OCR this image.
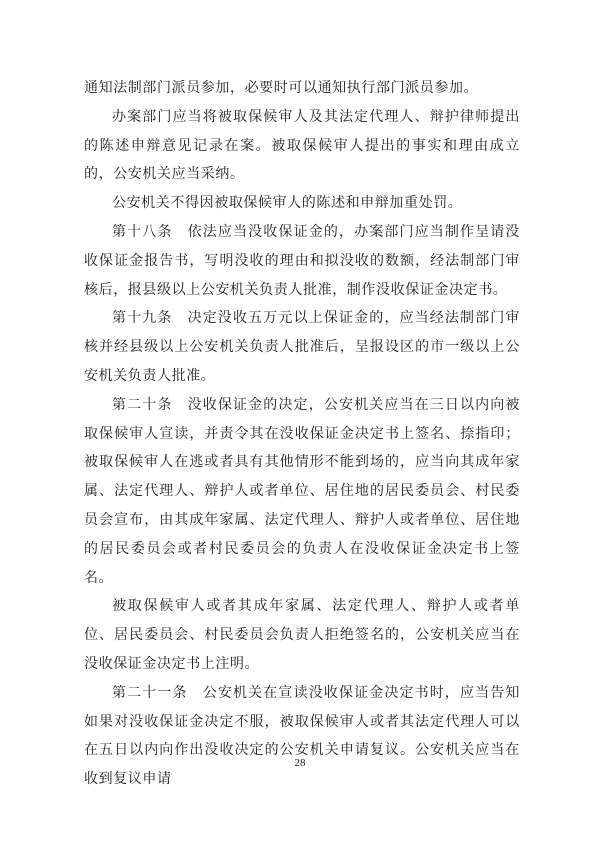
通知法制部门派员参加，必要时可以通知执行部门派员参加。

办案部门应当将被取保候审人及其法定代理人、辩护律师提出的陈述申辩意见记录在案。被取保候审人提出的事实和理由成立的，公安机关应当采纳。

公安机关不得因被取保候审人的陈述和申辩加重处罚。

第十八条　依法应当没收保证金的，办案部门应当制作呈请没收保证金报告书，写明没收的理由和拟没收的数额，经法制部门审核后，报县级以上公安机关负责人批准，制作没收保证金决定书。

第十九条　决定没收五万元以上保证金的，应当经法制部门审核并经县级以上公安机关负责人批准后，呈报设区的市一级以上公安机关负责人批准。

第二十条　没收保证金的决定，公安机关应当在三日以内向被取保候审人宣读，并责令其在没收保证金决定书上签名、捺指印；被取保候审人在逃或者具有其他情形不能到场的，应当向其成年家属、法定代理人、辩护人或者单位、居住地的居民委员会、村民委员会宣布，由其成年家属、法定代理人、辩护人或者单位、居住地的居民委员会或者村民委员会的负责人在没收保证金决定书上签名。

被取保候审人或者其成年家属、法定代理人、辩护人或者单位、居民委员会、村民委员会负责人拒绝签名的，公安机关应当在没收保证金决定书上注明。

第二十一条　公安机关在宣读没收保证金决定书时，应当告知如果对没收保证金决定不服，被取保候审人或者其法定代理人可以在五日以内向作出没收决定的公安机关申请复议。公安机关应当在收到复议申请

28
